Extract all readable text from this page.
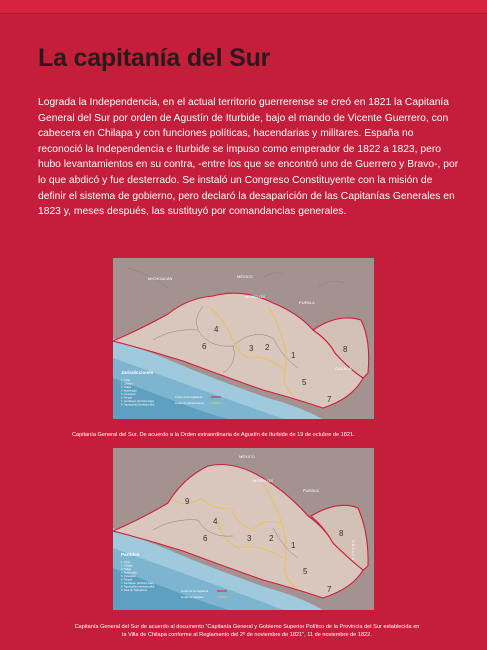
La capitanía del Sur

Lograda la Independencia, en el actual territorio guerrerense se creó en 1821 la Capitanía General del Sur por orden de Agustín de Iturbide, bajo el mando de Vicente Guerrero, con cabecera en Chilapa y con funciones políticas, hacendarias y militares. España no reconoció la Independencia e Iturbide se impuso como emperador de 1822 a 1823, pero hubo levantamientos en su contra, -entre los que se encontró uno de Guerrero y Bravo-, por lo que abdicó y fue desterrado. Se instaló un Congreso Constituyente con la misión de definir el sistema de gobierno, pero declaró la desaparición de las Capitanías Generales en 1823 y, meses después, las sustituyó por comandancias generales.

MICHOACÁN	MÉXICO
MORELOS
PUEBLA
OAXACA
1
2
3
4
5
6
7
8
Jurisdicciones
1. Tixtla
2. Chilapa
3. Tlalpa
4. Apatzingán
5. Ometepec
6. Tecpan
7. Jamiltepec (territorio bajo)
8. Teposcolula (territorio alto)
Límite de la Capitanía
Límite de jurisdicciones

Capitanía General del Sur. De acuerdo a la Orden extraordinaria de Agustín de Iturbide de 19 de octubre de 1821.

MÉXICO
MORELOS
PUEBLA
OAXACA
1
2
3
4
5
6
7
8
9
Partidos
1. Tixtla
2. Chilapa
3. Tlalpa
4. Apatzingán
5. Ometepec
6. Tecpan
7. Jamiltepec (territorio bajo)
8. Teposcolula (territorio alto)
9. Real de Tlalpujahua	Límite de la Capitanía
Límite de partidos

Capitanía General del Sur de acuerdo al documento “Capitanía General y Gobierno Superior Político de la Provincia del Sur establecida en la Villa de Chilapa conforme al Reglamento del 2º de noviembre de 1821”, 11 de noviembre de 1822.
